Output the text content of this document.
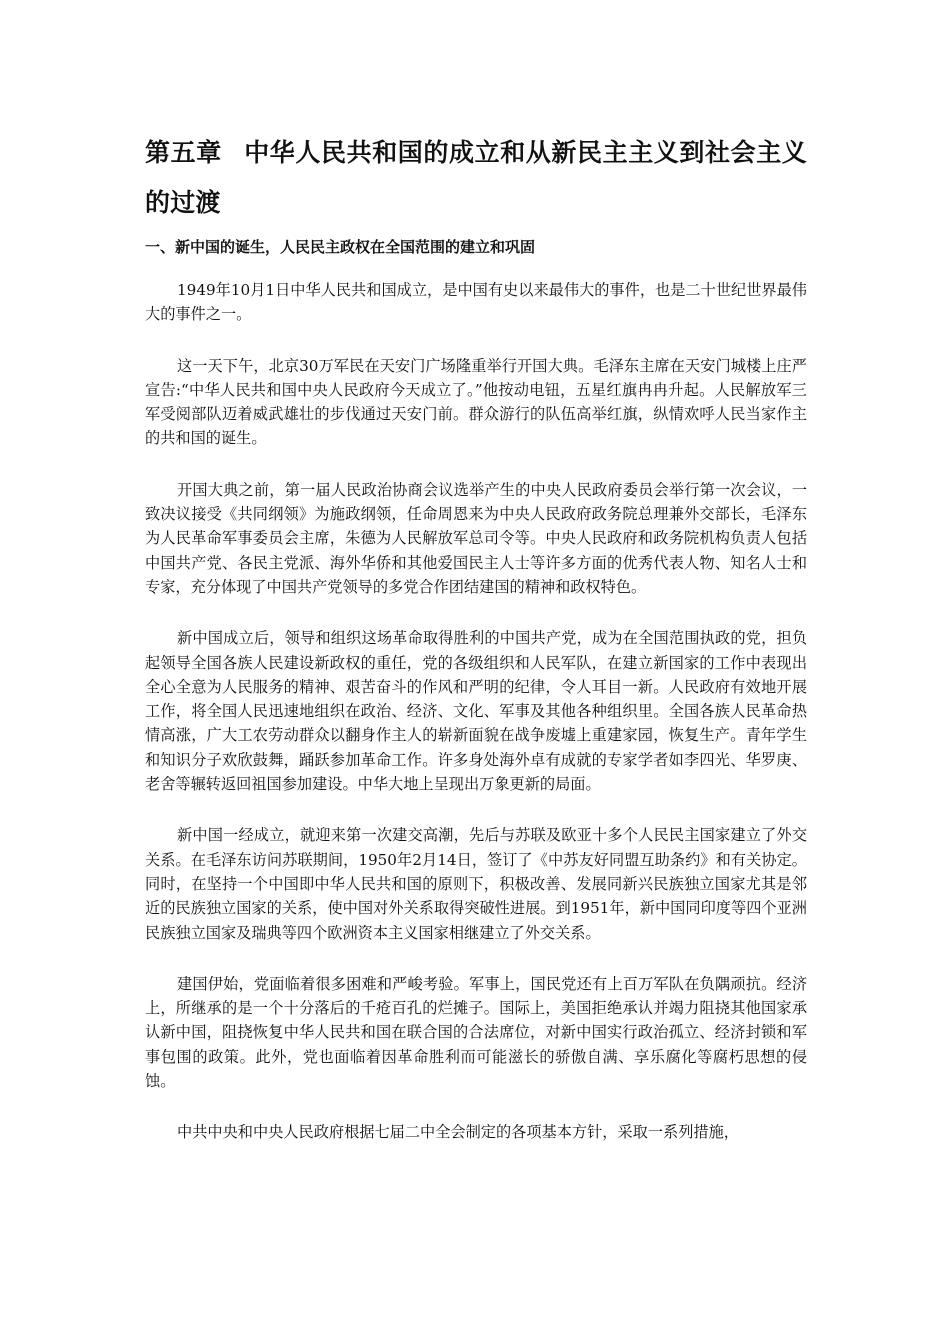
第五章 中华人民共和国的成立和从新民主主义到社会主义的过渡
一、新中国的诞生，人民民主政权在全国范围的建立和巩固

1949年10月1日中华人民共和国成立，是中国有史以来最伟大的事件，也是二十世纪世界最伟大的事件之一。

这一天下午，北京30万军民在天安门广场隆重举行开国大典。毛泽东主席在天安门城楼上庄严宣告:“中华人民共和国中央人民政府今天成立了。”他按动电钮，五星红旗冉冉升起。人民解放军三军受阅部队迈着威武雄壮的步伐通过天安门前。群众游行的队伍高举红旗，纵情欢呼人民当家作主的共和国的诞生。

开国大典之前，第一届人民政治协商会议选举产生的中央人民政府委员会举行第一次会议，一致决议接受《共同纲领》为施政纲领，任命周恩来为中央人民政府政务院总理兼外交部长，毛泽东为人民革命军事委员会主席，朱德为人民解放军总司令等。中央人民政府和政务院机构负责人包括中国共产党、各民主党派、海外华侨和其他爱国民主人士等许多方面的优秀代表人物、知名人士和专家，充分体现了中国共产党领导的多党合作团结建国的精神和政权特色。

新中国成立后，领导和组织这场革命取得胜利的中国共产党，成为在全国范围执政的党，担负起领导全国各族人民建设新政权的重任，党的各级组织和人民军队，在建立新国家的工作中表现出全心全意为人民服务的精神、艰苦奋斗的作风和严明的纪律，令人耳目一新。人民政府有效地开展工作，将全国人民迅速地组织在政治、经济、文化、军事及其他各种组织里。全国各族人民革命热情高涨，广大工农劳动群众以翻身作主人的崭新面貌在战争废墟上重建家园，恢复生产。青年学生和知识分子欢欣鼓舞，踊跃参加革命工作。许多身处海外卓有成就的专家学者如李四光、华罗庚、老舍等辗转返回祖国参加建设。中华大地上呈现出万象更新的局面。

新中国一经成立，就迎来第一次建交高潮，先后与苏联及欧亚十多个人民民主国家建立了外交关系。在毛泽东访问苏联期间，1950年2月14日，签订了《中苏友好同盟互助条约》和有关协定。同时，在坚持一个中国即中华人民共和国的原则下，积极改善、发展同新兴民族独立国家尤其是邻近的民族独立国家的关系，使中国对外关系取得突破性进展。到1951年，新中国同印度等四个亚洲民族独立国家及瑞典等四个欧洲资本主义国家相继建立了外交关系。

建国伊始，党面临着很多困难和严峻考验。军事上，国民党还有上百万军队在负隅顽抗。经济上，所继承的是一个十分落后的千疮百孔的烂摊子。国际上，美国拒绝承认并竭力阻挠其他国家承认新中国，阻挠恢复中华人民共和国在联合国的合法席位，对新中国实行政治孤立、经济封锁和军事包围的政策。此外，党也面临着因革命胜利而可能滋长的骄傲自满、享乐腐化等腐朽思想的侵蚀。

中共中央和中央人民政府根据七届二中全会制定的各项基本方针，采取一系列措施，
